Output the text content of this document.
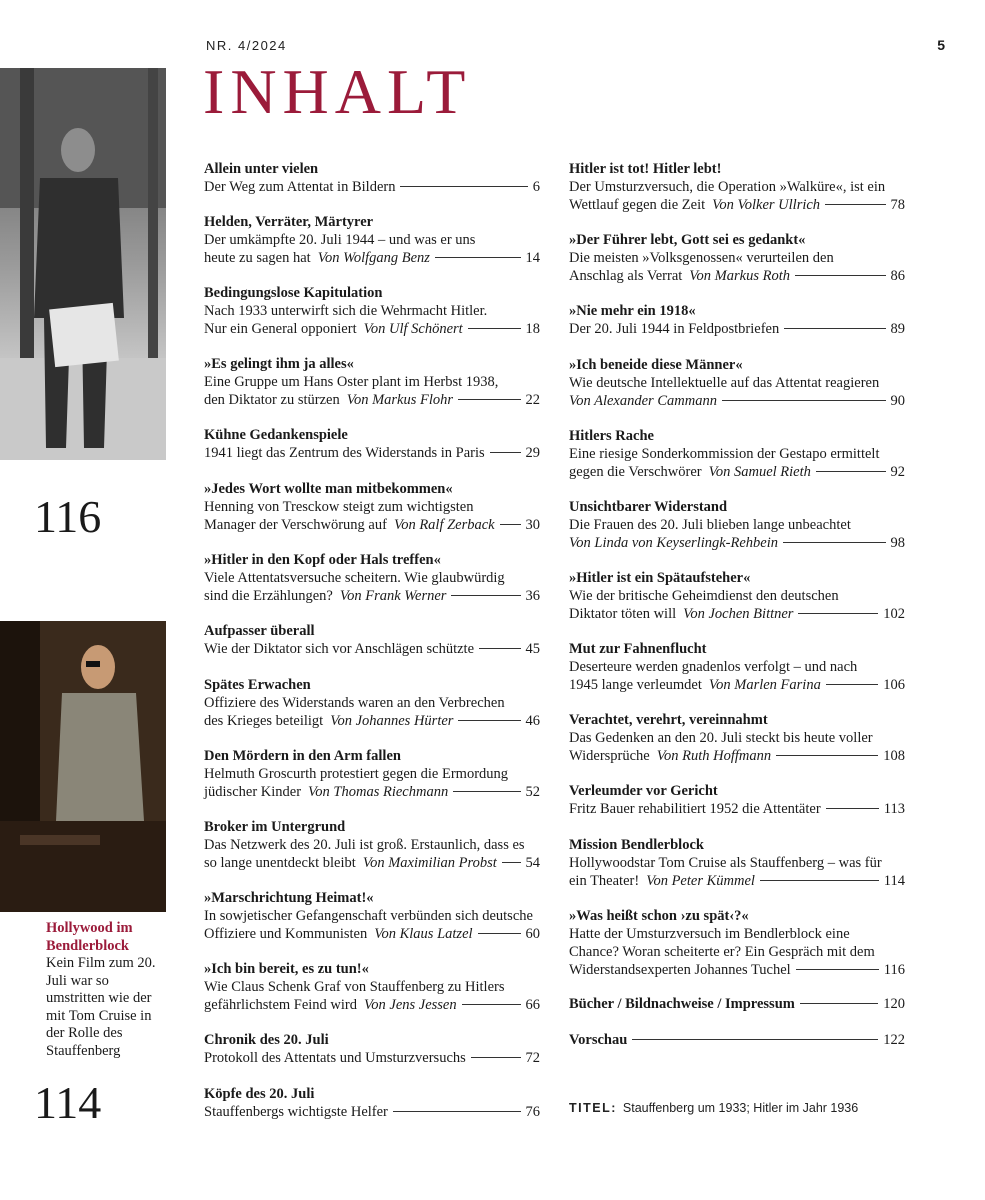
NR. 4/2024	5
INHALT
116
Hollywood im Bendlerblock
Kein Film zum 20. Juli war so umstritten wie der mit Tom Cruise in der Rolle des Stauffenberg
114
Allein unter vielen
Der Weg zum Attentat in Bildern	6
Helden, Verräter, Märtyrer
Der umkämpfte 20. Juli 1944 – und was er uns
heute zu sagen hat Von Wolfgang Benz	14
Bedingungslose Kapitulation
Nach 1933 unterwirft sich die Wehrmacht Hitler.
Nur ein General opponiert Von Ulf Schönert	18
»Es gelingt ihm ja alles«
Eine Gruppe um Hans Oster plant im Herbst 1938,
den Diktator zu stürzen Von Markus Flohr	22
Kühne Gedankenspiele
1941 liegt das Zentrum des Widerstands in Paris	29
»Jedes Wort wollte man mitbekommen«
Henning von Tresckow steigt zum wichtigsten
Manager der Verschwörung auf Von Ralf Zerback 30
»Hitler in den Kopf oder Hals treffen«
Viele Attentatsversuche scheitern. Wie glaubwürdig
sind die Erzählungen? Von Frank Werner	36
Aufpasser überall
Wie der Diktator sich vor Anschlägen schützte	45
Spätes Erwachen
Offiziere des Widerstands waren an den Verbrechen
des Krieges beteiligt Von Johannes Hürter	46
Den Mördern in den Arm fallen
Helmuth Groscurth protestiert gegen die Ermordung
jüdischer Kinder Von Thomas Riechmann	52
Broker im Untergrund
Das Netzwerk des 20. Juli ist groß. Erstaunlich, dass es
so lange unentdeckt bleibt Von Maximilian Probst 54
»Marschrichtung Heimat!«
In sowjetischer Gefangenschaft verbünden sich deutsche
Offiziere und Kommunisten Von Klaus Latzel	60
»Ich bin bereit, es zu tun!«
Wie Claus Schenk Graf von Stauffenberg zu Hitlers
gefährlichstem Feind wird Von Jens Jessen	66
Chronik des 20. Juli
Protokoll des Attentats und Umsturzversuchs	72
Köpfe des 20. Juli
Stauffenbergs wichtigste Helfer	76
Hitler ist tot! Hitler lebt!
Der Umsturzversuch, die Operation »Walküre«, ist ein
Wettlauf gegen die Zeit Von Volker Ullrich	78
»Der Führer lebt, Gott sei es gedankt«
Die meisten »Volksgenossen« verurteilen den
Anschlag als Verrat Von Markus Roth	86
»Nie mehr ein 1918«
Der 20. Juli 1944 in Feldpostbriefen	89
»Ich beneide diese Männer«
Wie deutsche Intellektuelle auf das Attentat reagieren
Von Alexander Cammann	90
Hitlers Rache
Eine riesige Sonderkommission der Gestapo ermittelt
gegen die Verschwörer Von Samuel Rieth	92
Unsichtbarer Widerstand
Die Frauen des 20. Juli blieben lange unbeachtet
Von Linda von Keyserlingk-Rehbein	98
»Hitler ist ein Spätaufsteher«
Wie der britische Geheimdienst den deutschen
Diktator töten will Von Jochen Bittner	102
Mut zur Fahnenflucht
Deserteure werden gnadenlos verfolgt – und nach
1945 lange verleumdet Von Marlen Farina	106
Verachtet, verehrt, vereinnahmt
Das Gedenken an den 20. Juli steckt bis heute voller
Widersprüche Von Ruth Hoffmann	108
Verleumder vor Gericht
Fritz Bauer rehabilitiert 1952 die Attentäter	113
Mission Bendlerblock
Hollywoodstar Tom Cruise als Stauffenberg – was für
ein Theater! Von Peter Kümmel	114
»Was heißt schon ›zu spät‹?«
Hatte der Umsturzversuch im Bendlerblock eine
Chance? Woran scheiterte er? Ein Gespräch mit dem
Widerstandsexperten Johannes Tuchel	116
Bücher / Bildnachweise / Impressum	120
Vorschau	122
TITEL: Stauffenberg um 1933; Hitler im Jahr 1936
